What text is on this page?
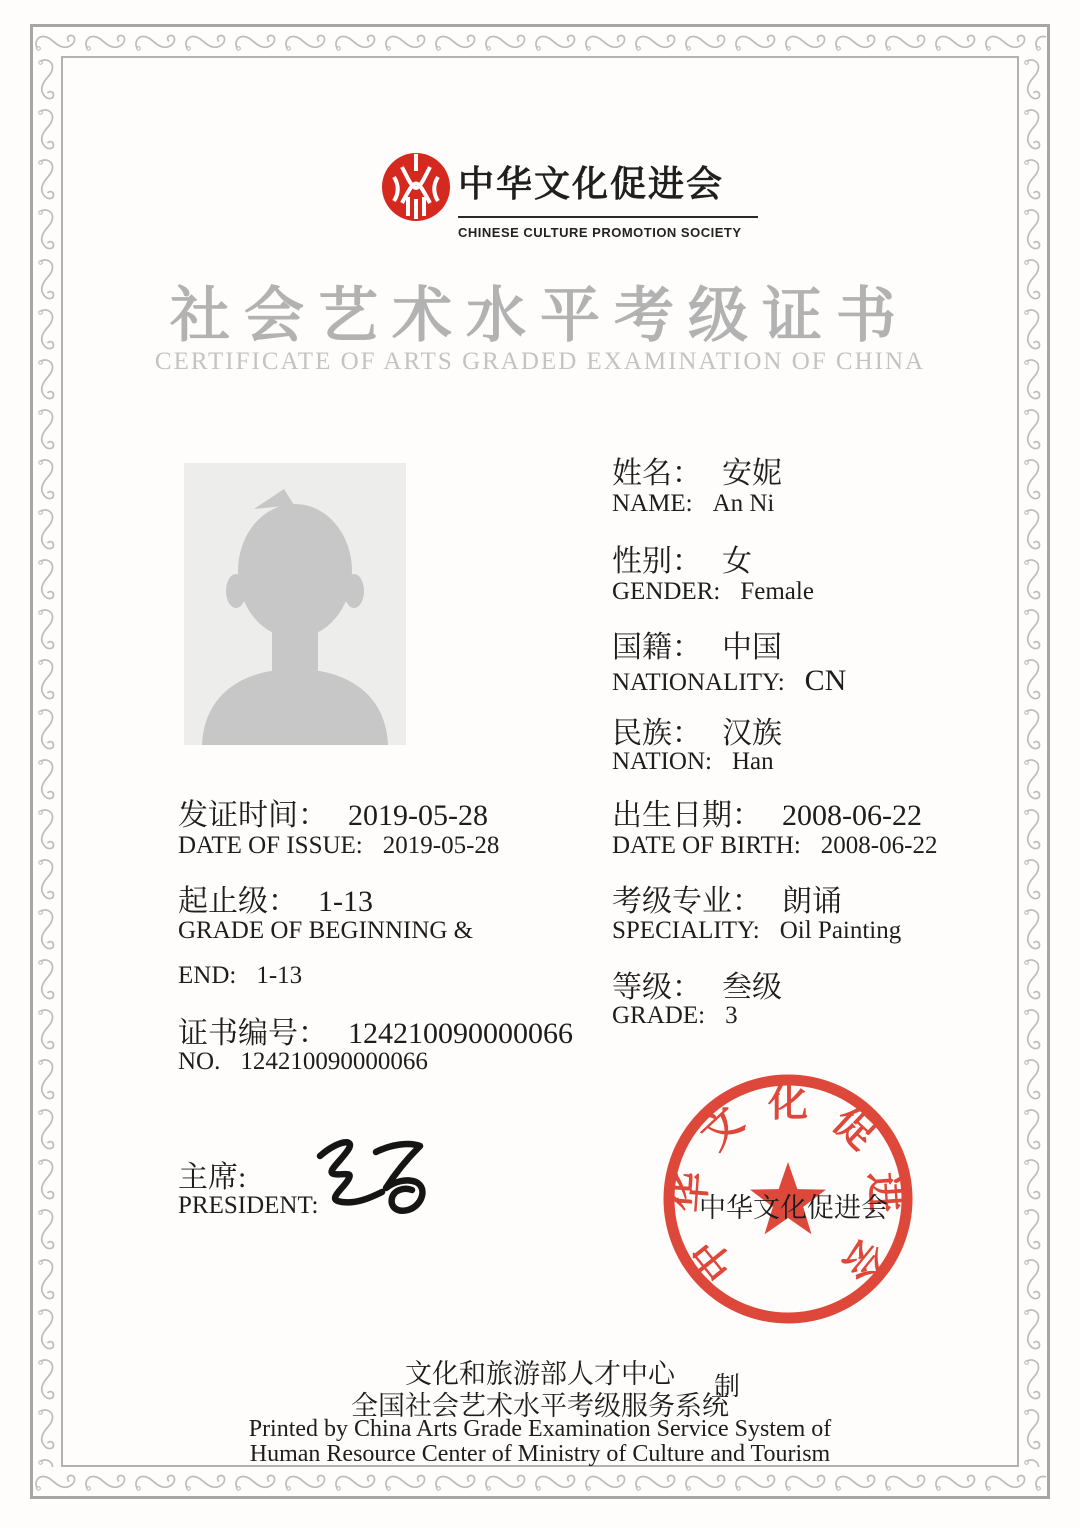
中华文化促进会
CHINESE CULTURE PROMOTION SOCIETY
社会艺术水平考级证书
CERTIFICATE OF ARTS GRADED EXAMINATION OF CHINA
姓名： 安妮
NAME: An Ni
性别： 女
GENDER: Female
国籍： 中国
NATIONALITY: CN
民族： 汉族
NATION: Han
出生日期： 2008-06-22
DATE OF BIRTH: 2008-06-22
考级专业： 朗诵
SPECIALITY: Oil Painting
等级： 叁级
GRADE: 3
发证时间： 2019-05-28
DATE OF ISSUE: 2019-05-28
起止级： 1-13
GRADE OF BEGINNING &
END: 1-13
证书编号： 124210090000066
NO. 124210090000066
主席:
PRESIDENT:
中
华
文 化 促
进
会
中华文化促进会
文化和旅游部人才中心
全国社会艺术水平考级服务系统
制
Printed by China Arts Grade Examination Service System of
Human Resource Center of Ministry of Culture and Tourism
